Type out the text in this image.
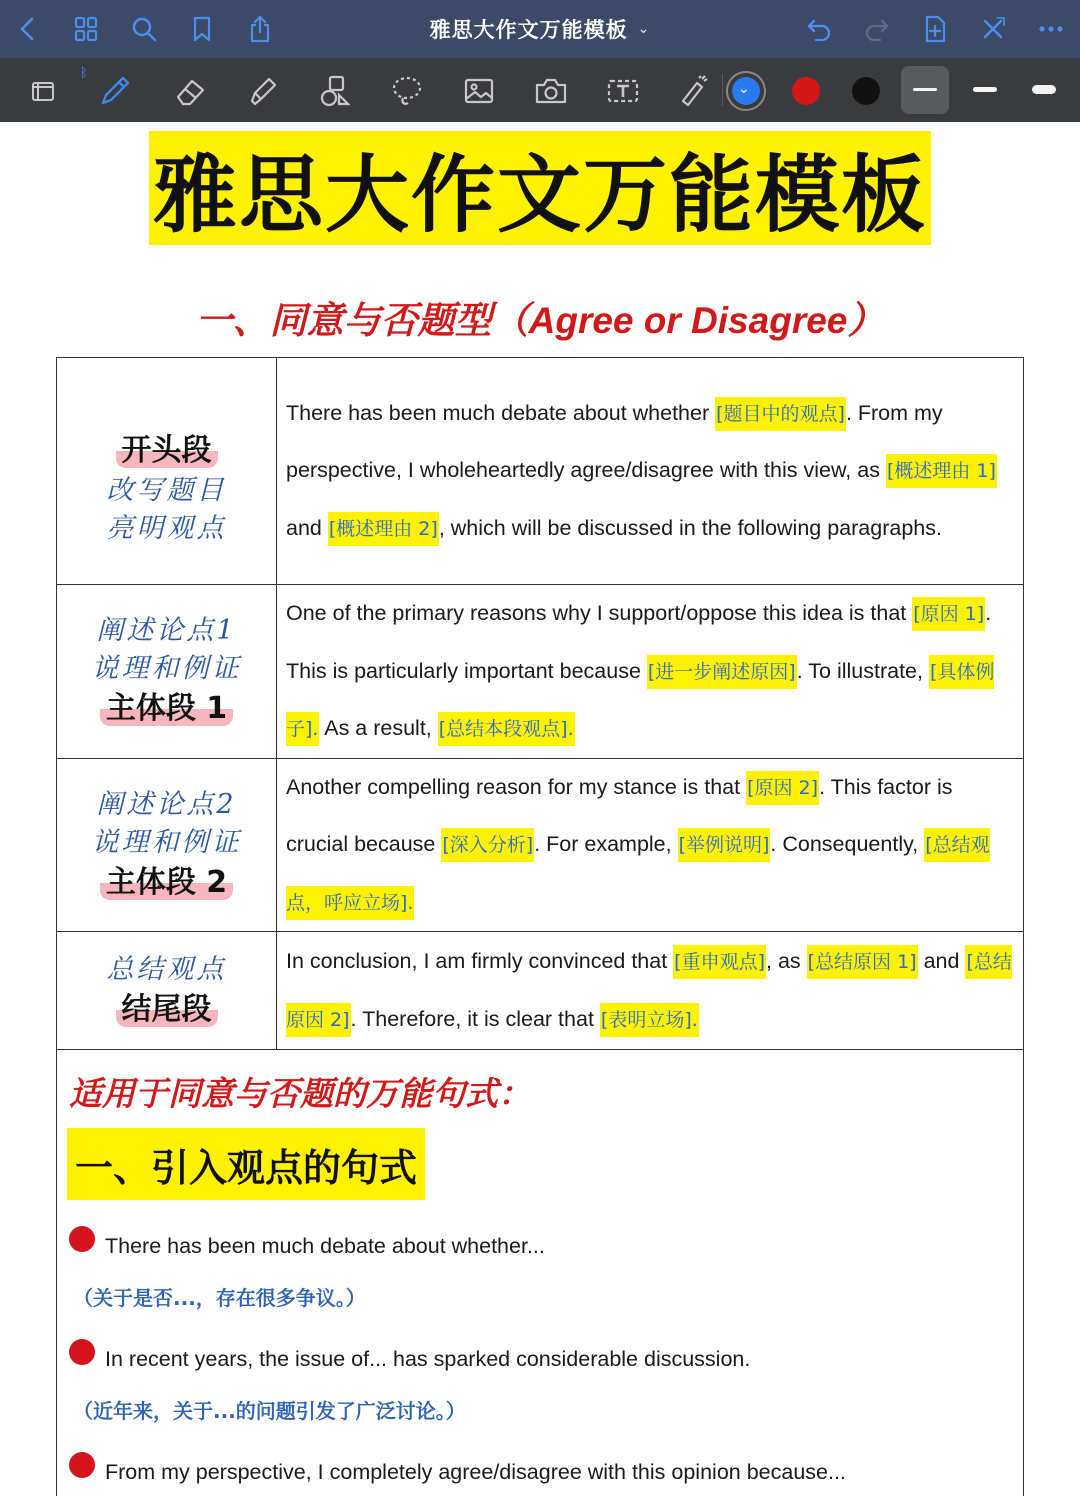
雅思大作文万能模板 ⌄
ᛒ
⌄
雅思大作文万能模板
一、同意与否题型（Agree or Disagree）
开头段
改写题目
亮明观点	There has been much debate about whether [题目中的观点]. From my perspective, I wholeheartedly agree/disagree with this view, as [概述理由 1] and [概述理由 2], which will be discussed in the following paragraphs.

阐述论点1
说理和例证
主体段 1	One of the primary reasons why I support/oppose this idea is that [原因 1]. This is particularly important because [进一步阐述原因]. To illustrate, [具体例子]. As a result, [总结本段观点].

阐述论点2
说理和例证
主体段 2	Another compelling reason for my stance is that [原因 2]. This factor is crucial because [深入分析]. For example, [举例说明]. Consequently, [总结观点，呼应立场].

总结观点
结尾段	In conclusion, I am firmly convinced that [重申观点], as [总结原因 1] and [总结原因 2]. Therefore, it is clear that [表明立场].
适用于同意与否题的万能句式：
一、引入观点的句式
There has been much debate about whether...
（关于是否...，存在很多争议。）
In recent years, the issue of... has sparked considerable discussion.
（近年来，关于...的问题引发了广泛讨论。）
From my perspective, I completely agree/disagree with this opinion because...
